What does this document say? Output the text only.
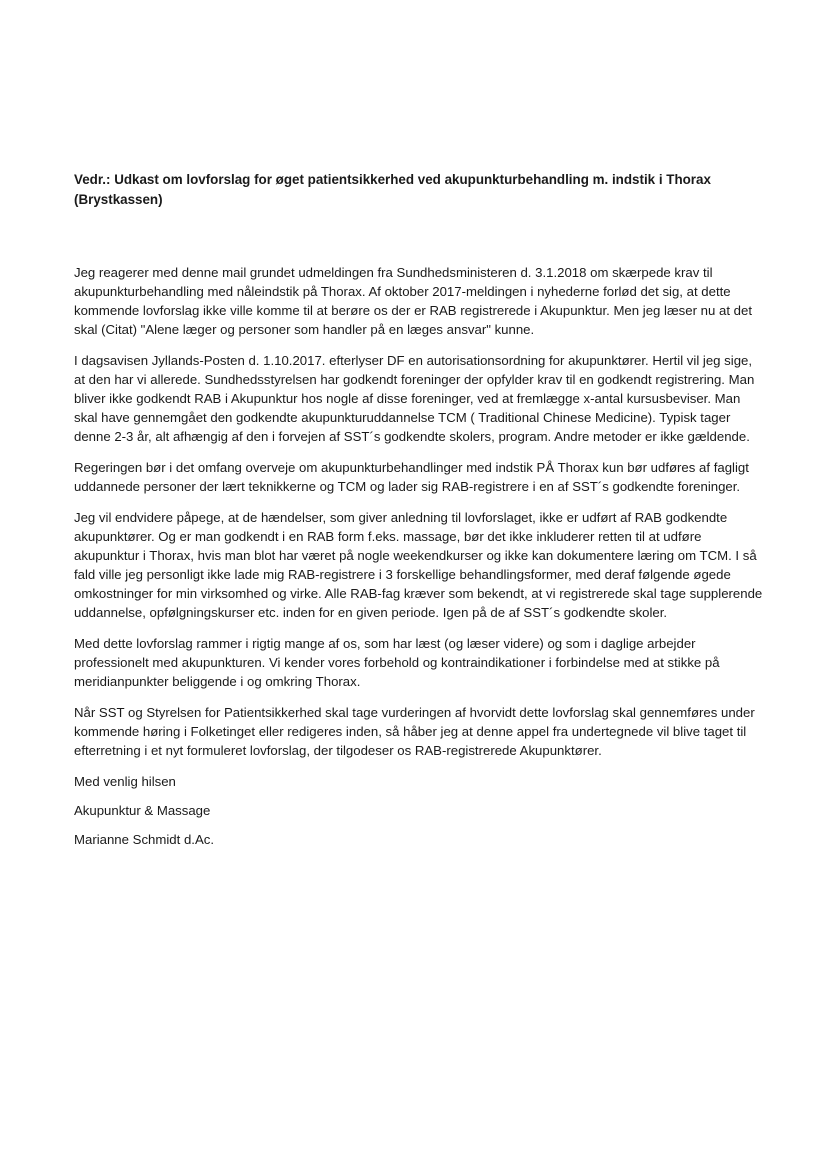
Vedr.: Udkast om lovforslag for øget patientsikkerhed ved akupunkturbehandling m. indstik i Thorax (Brystkassen)

Jeg reagerer med denne mail grundet udmeldingen fra Sundhedsministeren d. 3.1.2018 om skærpede krav til akupunkturbehandling med nåleindstik på Thorax. Af oktober 2017-meldingen i nyhederne forlød det sig, at dette kommende lovforslag ikke ville komme til at berøre os der er RAB registrerede i Akupunktur. Men jeg læser nu at det skal (Citat) "Alene læger og personer som handler på en læges ansvar" kunne.

I dagsavisen Jyllands-Posten d. 1.10.2017. efterlyser DF en autorisationsordning for akupunktører. Hertil vil jeg sige, at den har vi allerede. Sundhedsstyrelsen har godkendt foreninger der opfylder krav til en godkendt registrering. Man bliver ikke godkendt RAB i Akupunktur hos nogle af disse foreninger, ved at fremlægge x-antal kursusbeviser. Man skal have gennemgået den godkendte akupunkturuddannelse TCM ( Traditional Chinese Medicine). Typisk tager denne 2-3 år, alt afhængig af den i forvejen af SST´s godkendte skolers, program. Andre metoder er ikke gældende.

Regeringen bør i det omfang overveje om akupunkturbehandlinger med indstik PÅ Thorax kun bør udføres af fagligt uddannede personer der lært teknikkerne og TCM og lader sig RAB-registrere i en af SST´s godkendte foreninger.

Jeg vil endvidere påpege, at de hændelser, som giver anledning til lovforslaget, ikke er udført af RAB godkendte akupunktører. Og er man godkendt i en RAB form f.eks. massage, bør det ikke inkluderer retten til at udføre akupunktur i Thorax, hvis man blot har været på nogle weekendkurser og ikke kan dokumentere læring om TCM. I så fald ville jeg personligt ikke lade mig RAB-registrere i 3 forskellige behandlingsformer, med deraf følgende øgede omkostninger for min virksomhed og virke. Alle RAB-fag kræver som bekendt, at vi registrerede skal tage supplerende uddannelse, opfølgningskurser etc. inden for en given periode. Igen på de af SST´s godkendte skoler.

Med dette lovforslag rammer i rigtig mange af os, som har læst (og læser videre) og som i daglige arbejder professionelt med akupunkturen. Vi kender vores forbehold og kontraindikationer i forbindelse med at stikke på meridianpunkter beliggende i og omkring Thorax.

Når SST og Styrelsen for Patientsikkerhed skal tage vurderingen af hvorvidt dette lovforslag skal gennemføres under kommende høring i Folketinget eller redigeres inden, så håber jeg at denne appel fra undertegnede vil blive taget til efterretning i et nyt formuleret lovforslag, der tilgodeser os RAB-registrerede Akupunktører.

Med venlig hilsen

Akupunktur & Massage

Marianne Schmidt d.Ac.
